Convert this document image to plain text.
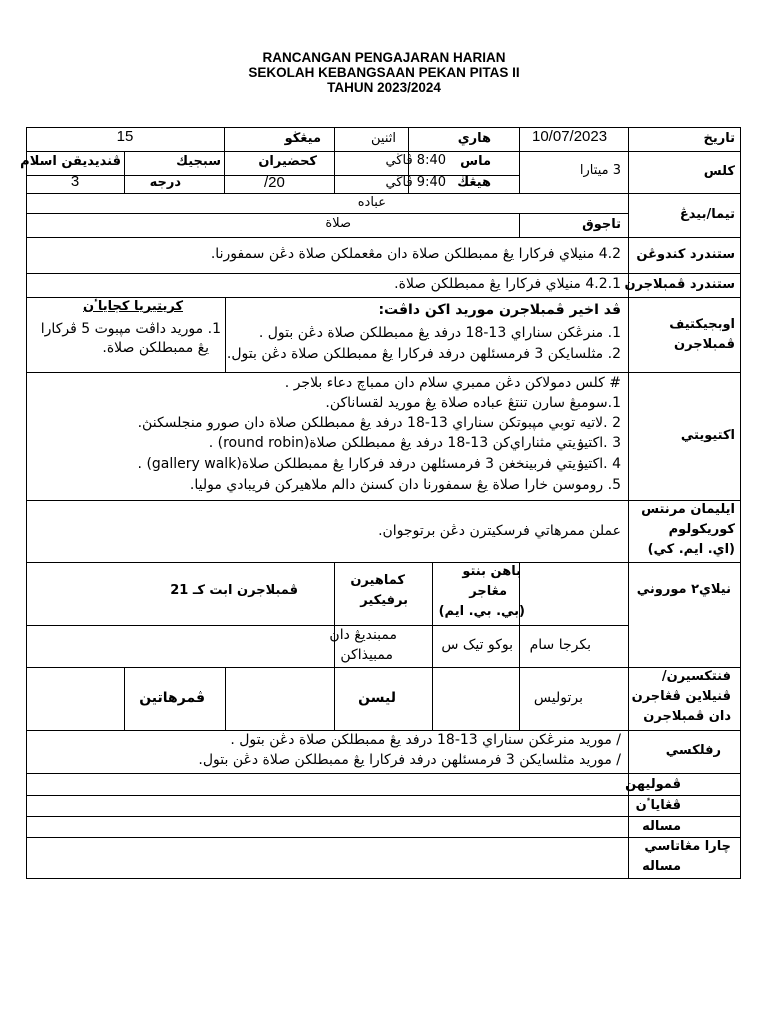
RANCANGAN PENGAJARAN HARIAN
SEKOLAH KEBANGSAAN PEKAN PITAS II
TAHUN 2023/2024
تاريخ
10/07/2023
هاري
اثنين
ميڠڬو
15
كلس
3 ميتارا
ماس
8:40 ڤاڬي
هيڠڬ
9:40 ڤاڬي
كحضيران
/20
سبجيك
ڤنديديقن اسلام
درجه
3
تيما/بيدڠ
عباده
تاجوق
صلاة
ستندرد كندوڠن
4.2 منيلاي فركارا يڠ ممبطلكن صلاة دان مڠعملكن صلاة دڠن سمفورنا.
ستندرد ڤمبلاجرن
4.2.1 منيلاي فركارا يڠ ممبطلكن صلاة.
اوبجيكتيف
ڤمبلاجرن
ڤد اخير ڤمبلاجرن موريد اكن داڤت:
1. منرڠكن سناراي 13-18 درفد يڠ ممبطلكن صلاة دڠن بتول .
2. مثلسايكن 3 فرمسئلهن درفد فركارا يڠ ممبطلكن صلاة دڠن بتول.
كريتيريا كجاياٴن
1. موريد داڤت مڽبوت 5 ڤركارا
يڠ ممبطلكن صلاة.
اكتيويتي
# كلس دمولاكن دڠن ممبري سلام دان ممباچ دعاء بلاجر .
1.سومبڠ سارن تنتڠ عباده صلاة يڠ موريد لقساناكن.
2 .لاتيه توبي مڽبوتكن سناراي 13-18 درفد يڠ ممبطلكن صلاة دان صورو منجلسكنڽ.
3 .اكتيۏيتي مثناراي‌كن 13-18 درفد يڠ ممبطلكن صلاة(round robin) .
4 .اكتيۏيتي فربينخغن 3 فرمسئلهن درفد فركارا يڠ ممبطلكن صلاة(gallery walk) .
5. روموسن خارا صلاة يڠ سمفورنا دان كسنڽ دالم ملاهيركن فريبادي موليا.
ايليمان مرنتس
كوريكولوم
(اي. ايم. كي)
عملن ممرهاتي فرسكيترن دڠن برتوجوان.
نيلاي٢ موروني
باهن بنتو
مڠاجر
(بي. بي. ايم)
كماهيرن
برفيكير
ڤمبلاجرن ابت كـ 21
بكرجا سام
بوكو تيک س
ممبنديڠ دان
ممبيذاكن
فنتكسيرن/
ڤنيلاين ڤڠاجرن
دان ڤمبلاجرن
برتوليس
ليسن
ڤمرهاتين
رفلكسي
/ موريد منرڠكن سناراي 13-18 درفد يڠ ممبطلكن صلاة دڠن بتول .
/ موريد مثلسايكن 3 فرمسئلهن درفد فركارا يڠ ممبطلكن صلاة دڠن بتول.
ڤموليهن
ڤڠاياٴن
مساله
چارا مڠاتاسي
مساله
